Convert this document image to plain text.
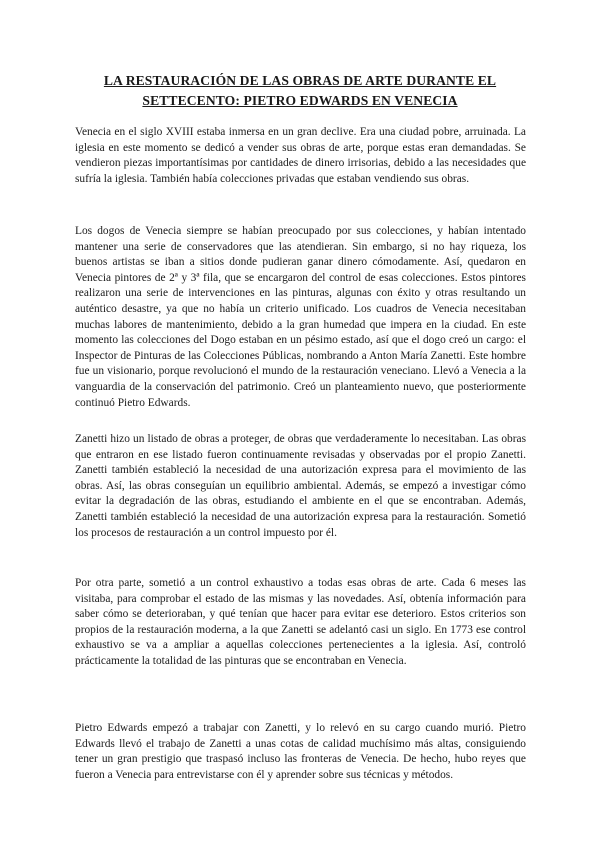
LA RESTAURACIÓN DE LAS OBRAS DE ARTE DURANTE EL SETTECENTO: PIETRO EDWARDS EN VENECIA

Venecia en el siglo XVIII estaba inmersa en un gran declive. Era una ciudad pobre, arruinada. La iglesia en este momento se dedicó a vender sus obras de arte, porque estas eran demandadas. Se vendieron piezas importantísimas por cantidades de dinero irrisorias, debido a las necesidades que sufría la iglesia. También había colecciones privadas que estaban vendiendo sus obras.

Los dogos de Venecia siempre se habían preocupado por sus colecciones, y habían intentado mantener una serie de conservadores que las atendieran. Sin embargo, si no hay riqueza, los buenos artistas se iban a sitios donde pudieran ganar dinero cómodamente. Así, quedaron en Venecia pintores de 2ª y 3ª fila, que se encargaron del control de esas colecciones. Estos pintores realizaron una serie de intervenciones en las pinturas, algunas con éxito y otras resultando un auténtico desastre, ya que no había un criterio unificado. Los cuadros de Venecia necesitaban muchas labores de mantenimiento, debido a la gran humedad que impera en la ciudad. En este momento las colecciones del Dogo estaban en un pésimo estado, así que el dogo creó un cargo: el Inspector de Pinturas de las Colecciones Públicas, nombrando a Anton María Zanetti. Este hombre fue un visionario, porque revolucionó el mundo de la restauración veneciano. Llevó a Venecia a la vanguardia de la conservación del patrimonio. Creó un planteamiento nuevo, que posteriormente continuó Pietro Edwards.

Zanetti hizo un listado de obras a proteger, de obras que verdaderamente lo necesitaban. Las obras que entraron en ese listado fueron continuamente revisadas y observadas por el propio Zanetti. Zanetti también estableció la necesidad de una autorización expresa para el movimiento de las obras. Así, las obras conseguían un equilibrio ambiental. Además, se empezó a investigar cómo evitar la degradación de las obras, estudiando el ambiente en el que se encontraban. Además, Zanetti también estableció la necesidad de una autorización expresa para la restauración. Sometió los procesos de restauración a un control impuesto por él.

Por otra parte, sometió a un control exhaustivo a todas esas obras de arte. Cada 6 meses las visitaba, para comprobar el estado de las mismas y las novedades. Así, obtenía información para saber cómo se deterioraban, y qué tenían que hacer para evitar ese deterioro. Estos criterios son propios de la restauración moderna, a la que Zanetti se adelantó casi un siglo. En 1773 ese control exhaustivo se va a ampliar a aquellas colecciones pertenecientes a la iglesia. Así, controló prácticamente la totalidad de las pinturas que se encontraban en Venecia.

Pietro Edwards empezó a trabajar con Zanetti, y lo relevó en su cargo cuando murió. Pietro Edwards llevó el trabajo de Zanetti a unas cotas de calidad muchísimo más altas, consiguiendo tener un gran prestigio que traspasó incluso las fronteras de Venecia. De hecho, hubo reyes que fueron a Venecia para entrevistarse con él y aprender sobre sus técnicas y métodos.
